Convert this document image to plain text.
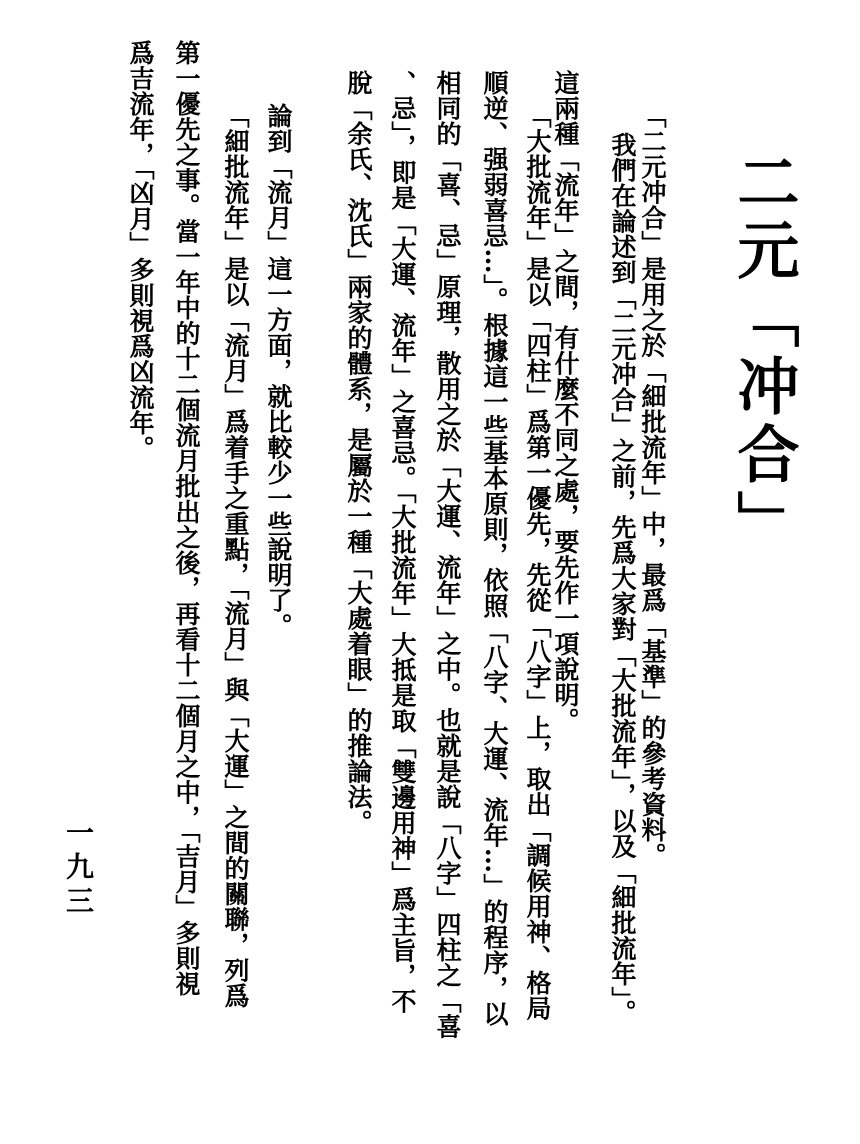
二元「冲合」
「二元冲合」是用之於「細批流年」中，最爲「基準」的參考資料。
我們在論述到「二元冲合」之前，先爲大家對「大批流年」，以及「細批流年」。
這兩種「流年」之間，有什麼不同之處，要先作一項說明。
「大批流年」是以「四柱」爲第一優先，先從「八字」上，取出「調候用神、格局
順逆、强弱喜忌…」。根據這一些基本原則，依照「八字、大運、流年…」的程序，以
相同的「喜、忌」原理，散用之於「大運、流年」之中。也就是說「八字」四柱之「喜
、忌」，即是「大運、流年」之喜忌。「大批流年」大抵是取「雙邊用神」爲主旨，不
脫「余氏、沈氏」兩家的體系，是屬於一種「大處着眼」的推論法。
論到「流月」這一方面，就比較少一些說明了。
「細批流年」是以「流月」爲着手之重點，「流月」與「大運」之間的關聯，列爲
第一優先之事。當一年中的十二個流月批出之後，再看十二個月之中，「吉月」多則視
爲吉流年，「凶月」多則視爲凶流年。
一九三
